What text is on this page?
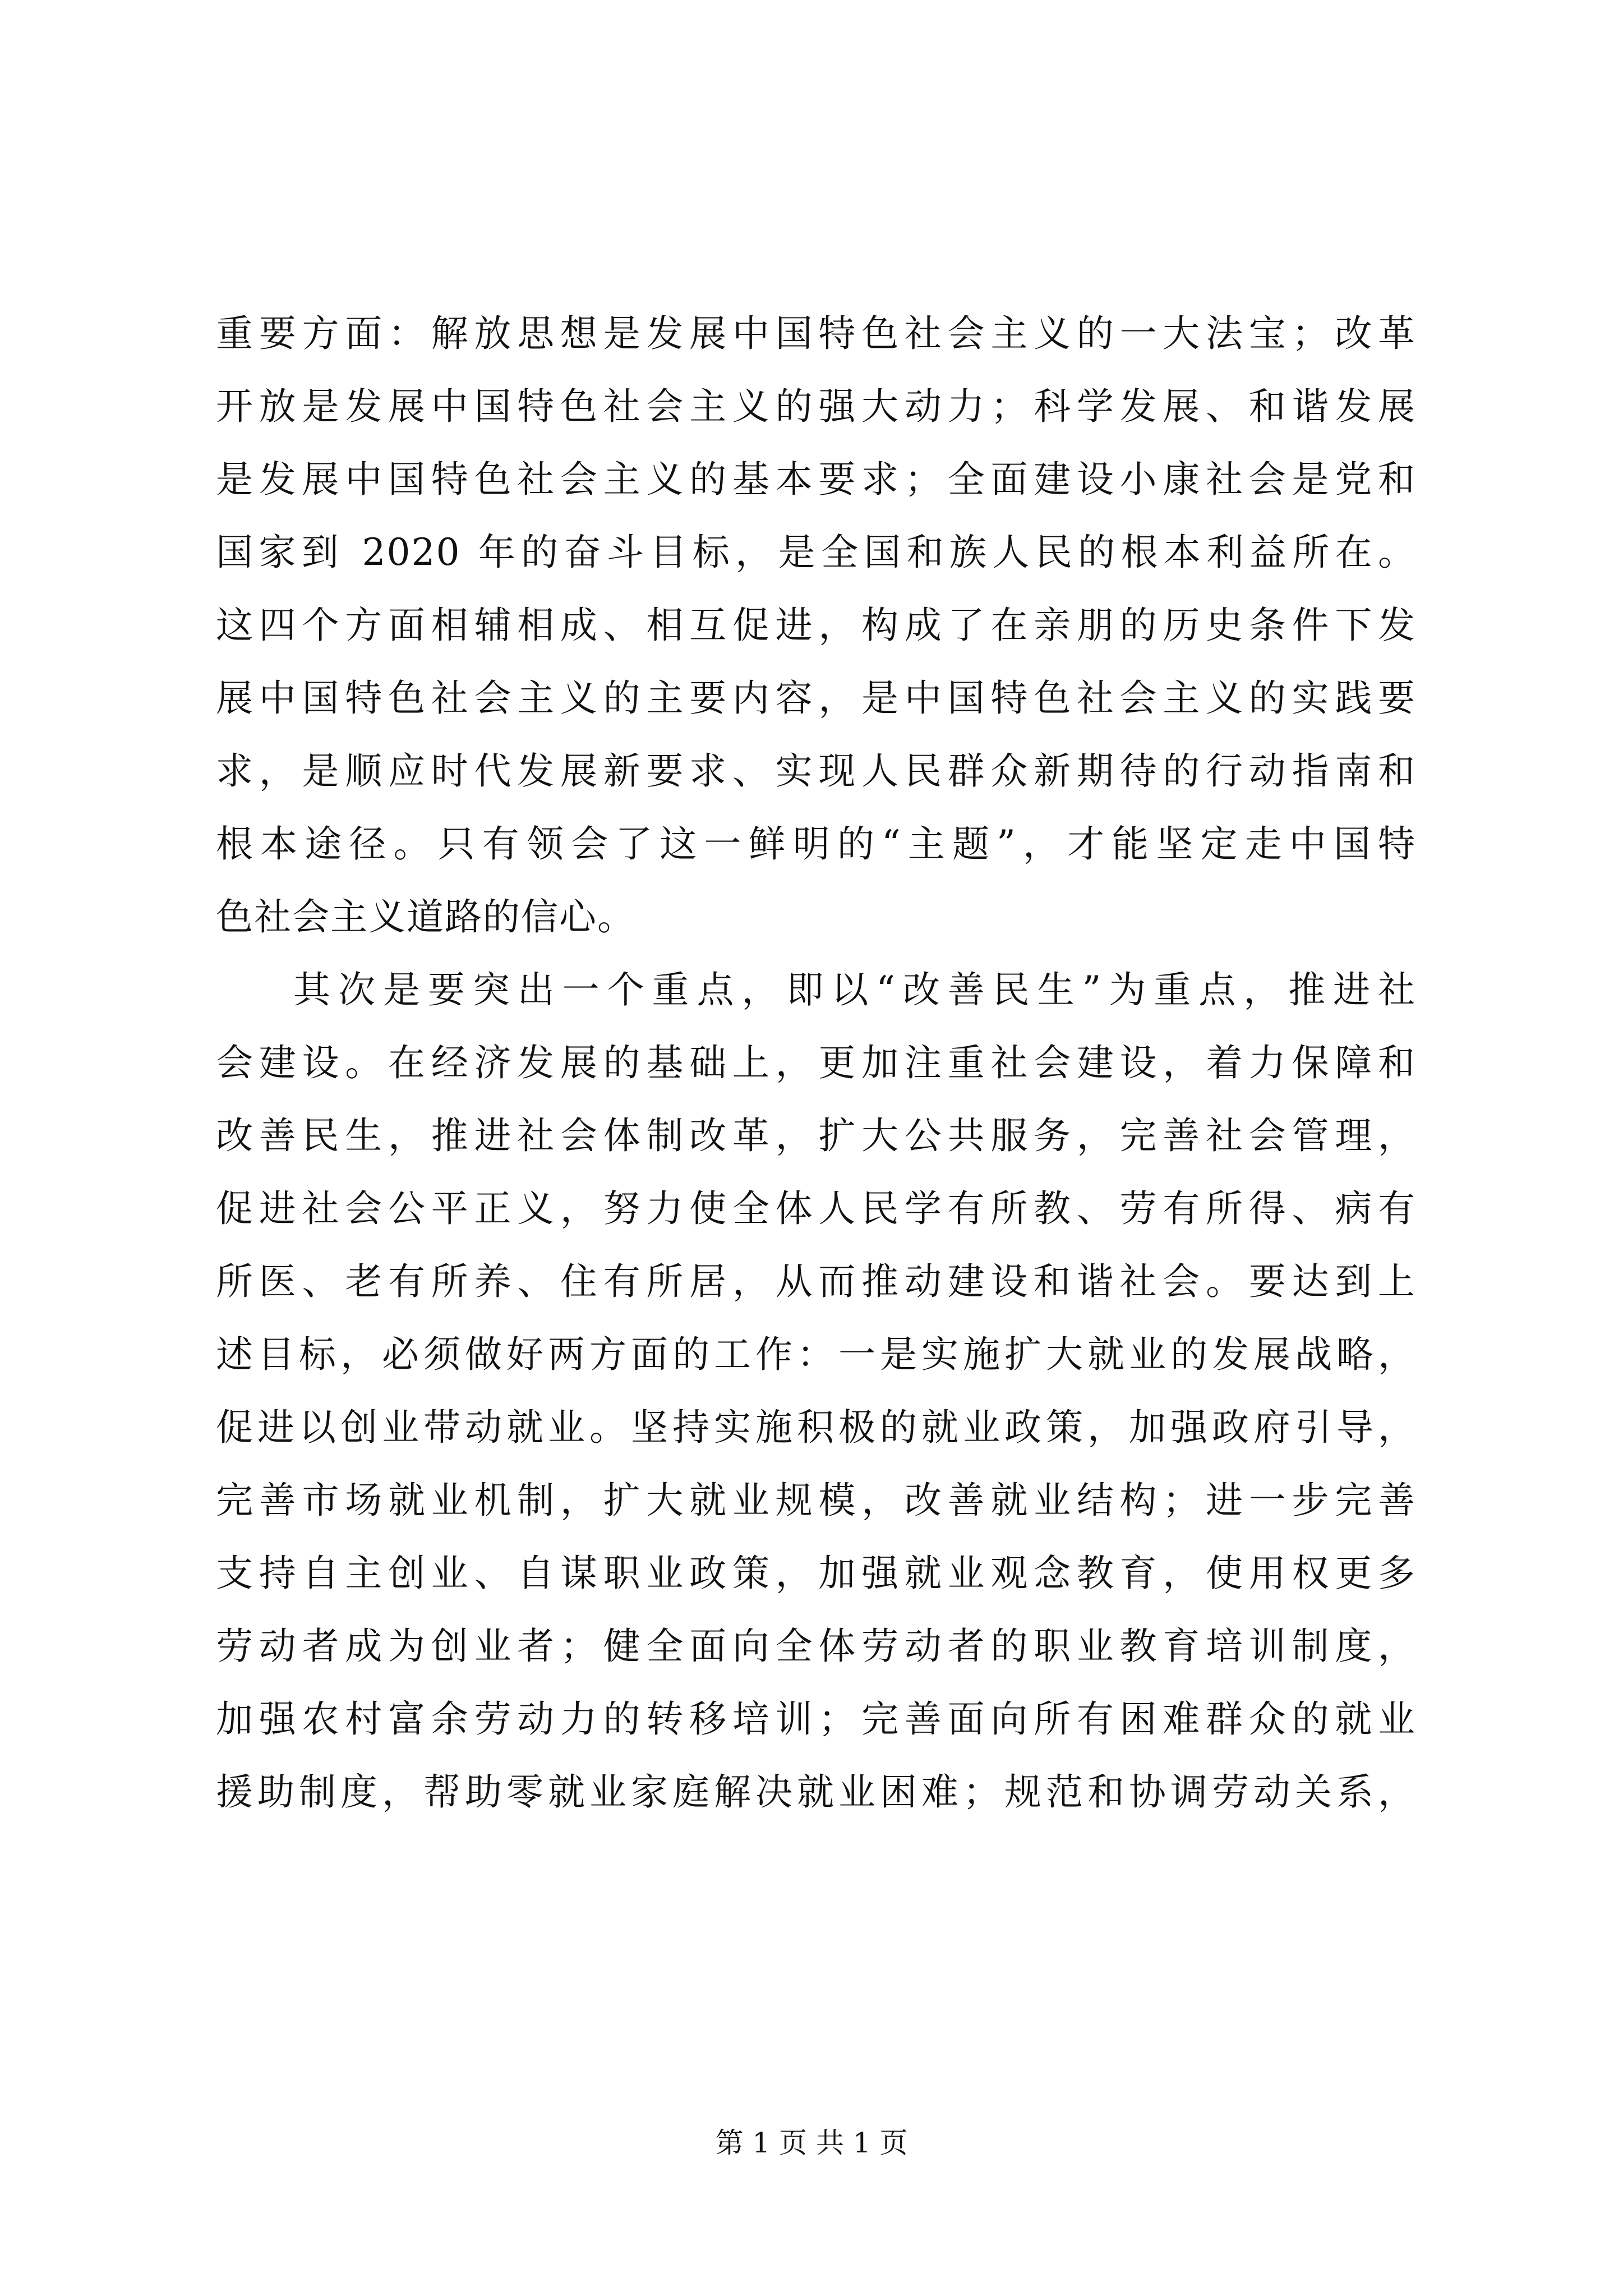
重要方面：解放思想是发展中国特色社会主义的一大法宝；改革
开放是发展中国特色社会主义的强大动力；科学发展、和谐发展
是发展中国特色社会主义的基本要求；全面建设小康社会是党和
国家到 2020 年的奋斗目标，是全国和族人民的根本利益所在。
这四个方面相辅相成、相互促进，构成了在亲朋的历史条件下发
展中国特色社会主义的主要内容，是中国特色社会主义的实践要
求，是顺应时代发展新要求、实现人民群众新期待的行动指南和
根本途径。只有领会了这一鲜明的“主题”，才能坚定走中国特
色社会主义道路的信心。
其次是要突出一个重点，即以“改善民生”为重点，推进社
会建设。在经济发展的基础上，更加注重社会建设，着力保障和
改善民生，推进社会体制改革，扩大公共服务，完善社会管理，
促进社会公平正义，努力使全体人民学有所教、劳有所得、病有
所医、老有所养、住有所居，从而推动建设和谐社会。要达到上
述目标，必须做好两方面的工作：一是实施扩大就业的发展战略，
促进以创业带动就业。坚持实施积极的就业政策，加强政府引导，
完善市场就业机制，扩大就业规模，改善就业结构；进一步完善
支持自主创业、自谋职业政策，加强就业观念教育，使用权更多
劳动者成为创业者；健全面向全体劳动者的职业教育培训制度，
加强农村富余劳动力的转移培训；完善面向所有困难群众的就业
援助制度，帮助零就业家庭解决就业困难；规范和协调劳动关系，
第 1 页 共 1 页
